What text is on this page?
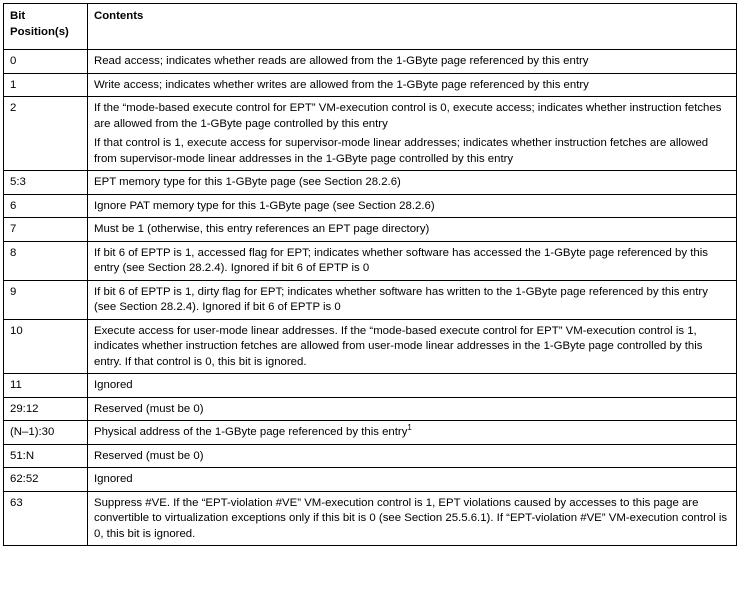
Bit Position(s)	Contents
0	Read access; indicates whether reads are allowed from the 1-GByte page referenced by this entry

1	Write access; indicates whether writes are allowed from the 1-GByte page referenced by this entry

2	If the “mode-based execute control for EPT” VM-execution control is 0, execute access; indicates whether instruction fetches are allowed from the 1-GByte page controlled by this entry

If that control is 1, execute access for supervisor-mode linear addresses; indicates whether instruction fetches are allowed from supervisor-mode linear addresses in the 1-GByte page controlled by this entry

5:3	EPT memory type for this 1-GByte page (see Section 28.2.6)

6	Ignore PAT memory type for this 1-GByte page (see Section 28.2.6)

7	Must be 1 (otherwise, this entry references an EPT page directory)

8	If bit 6 of EPTP is 1, accessed flag for EPT; indicates whether software has accessed the 1-GByte page referenced by this entry (see Section 28.2.4). Ignored if bit 6 of EPTP is 0

9	If bit 6 of EPTP is 1, dirty flag for EPT; indicates whether software has written to the 1-GByte page referenced by this entry (see Section 28.2.4). Ignored if bit 6 of EPTP is 0

10	Execute access for user-mode linear addresses. If the “mode-based execute control for EPT” VM-execution control is 1, indicates whether instruction fetches are allowed from user-mode linear addresses in the 1-GByte page controlled by this entry. If that control is 0, this bit is ignored.

11	Ignored

29:12	Reserved (must be 0)

(N–1):30	Physical address of the 1-GByte page referenced by this entry$^1$

51:N	Reserved (must be 0)

62:52	Ignored

63	Suppress #VE. If the “EPT-violation #VE” VM-execution control is 1, EPT violations caused by accesses to this page are convertible to virtualization exceptions only if this bit is 0 (see Section 25.5.6.1). If “EPT-violation #VE” VM-execution control is 0, this bit is ignored.
